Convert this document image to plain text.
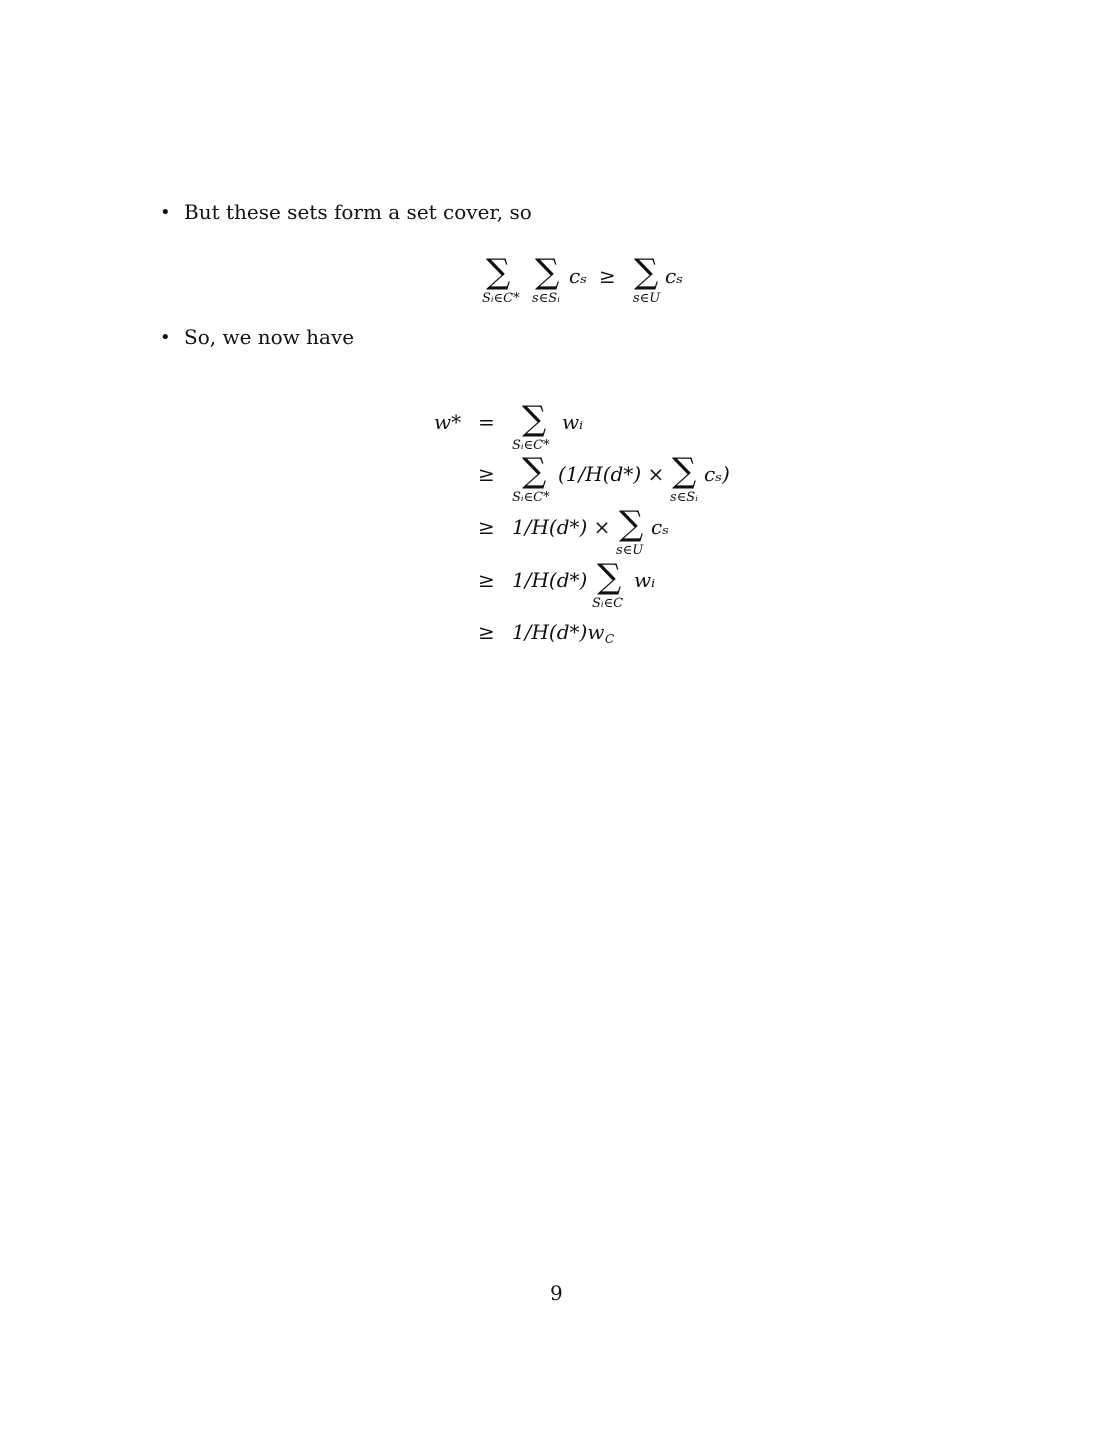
• But these sets form a set cover, so
∑
Sᵢ∈C*
∑
s∈Sᵢ
cₛ ≥ ∑
s∈U
cₛ
• So, we now have
w* = ∑
Sᵢ∈C*
wᵢ
≥ ∑
Sᵢ∈C*
(1/H(d*) × ∑
s∈Sᵢ
cₛ)
≥ 1/H(d*) × ∑
s∈U
cₛ
≥ 1/H(d*) ∑
Sᵢ∈C
wᵢ
≥ 1/H(d*)w C
9
